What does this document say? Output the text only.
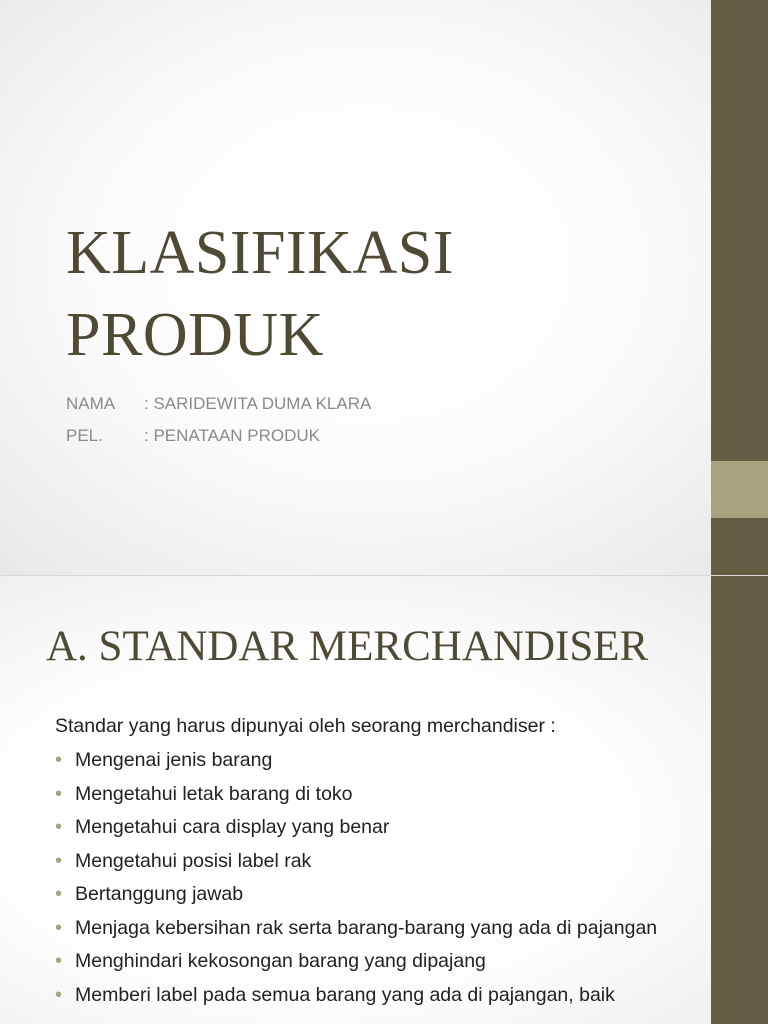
KLASIFIKASI
PRODUK
NAMA	: SARIDEWITA DUMA KLARA
PEL.	: PENATAAN PRODUK
A. STANDAR MERCHANDISER
Standar yang harus dipunyai oleh seorang merchandiser :
• Mengenai jenis barang
• Mengetahui letak barang di toko
• Mengetahui cara display yang benar
• Mengetahui posisi label rak
• Bertanggung jawab
• Menjaga kebersihan rak serta barang-barang yang ada di pajangan
• Menghindari kekosongan barang yang dipajang
• Memberi label pada semua barang yang ada di pajangan, baik
